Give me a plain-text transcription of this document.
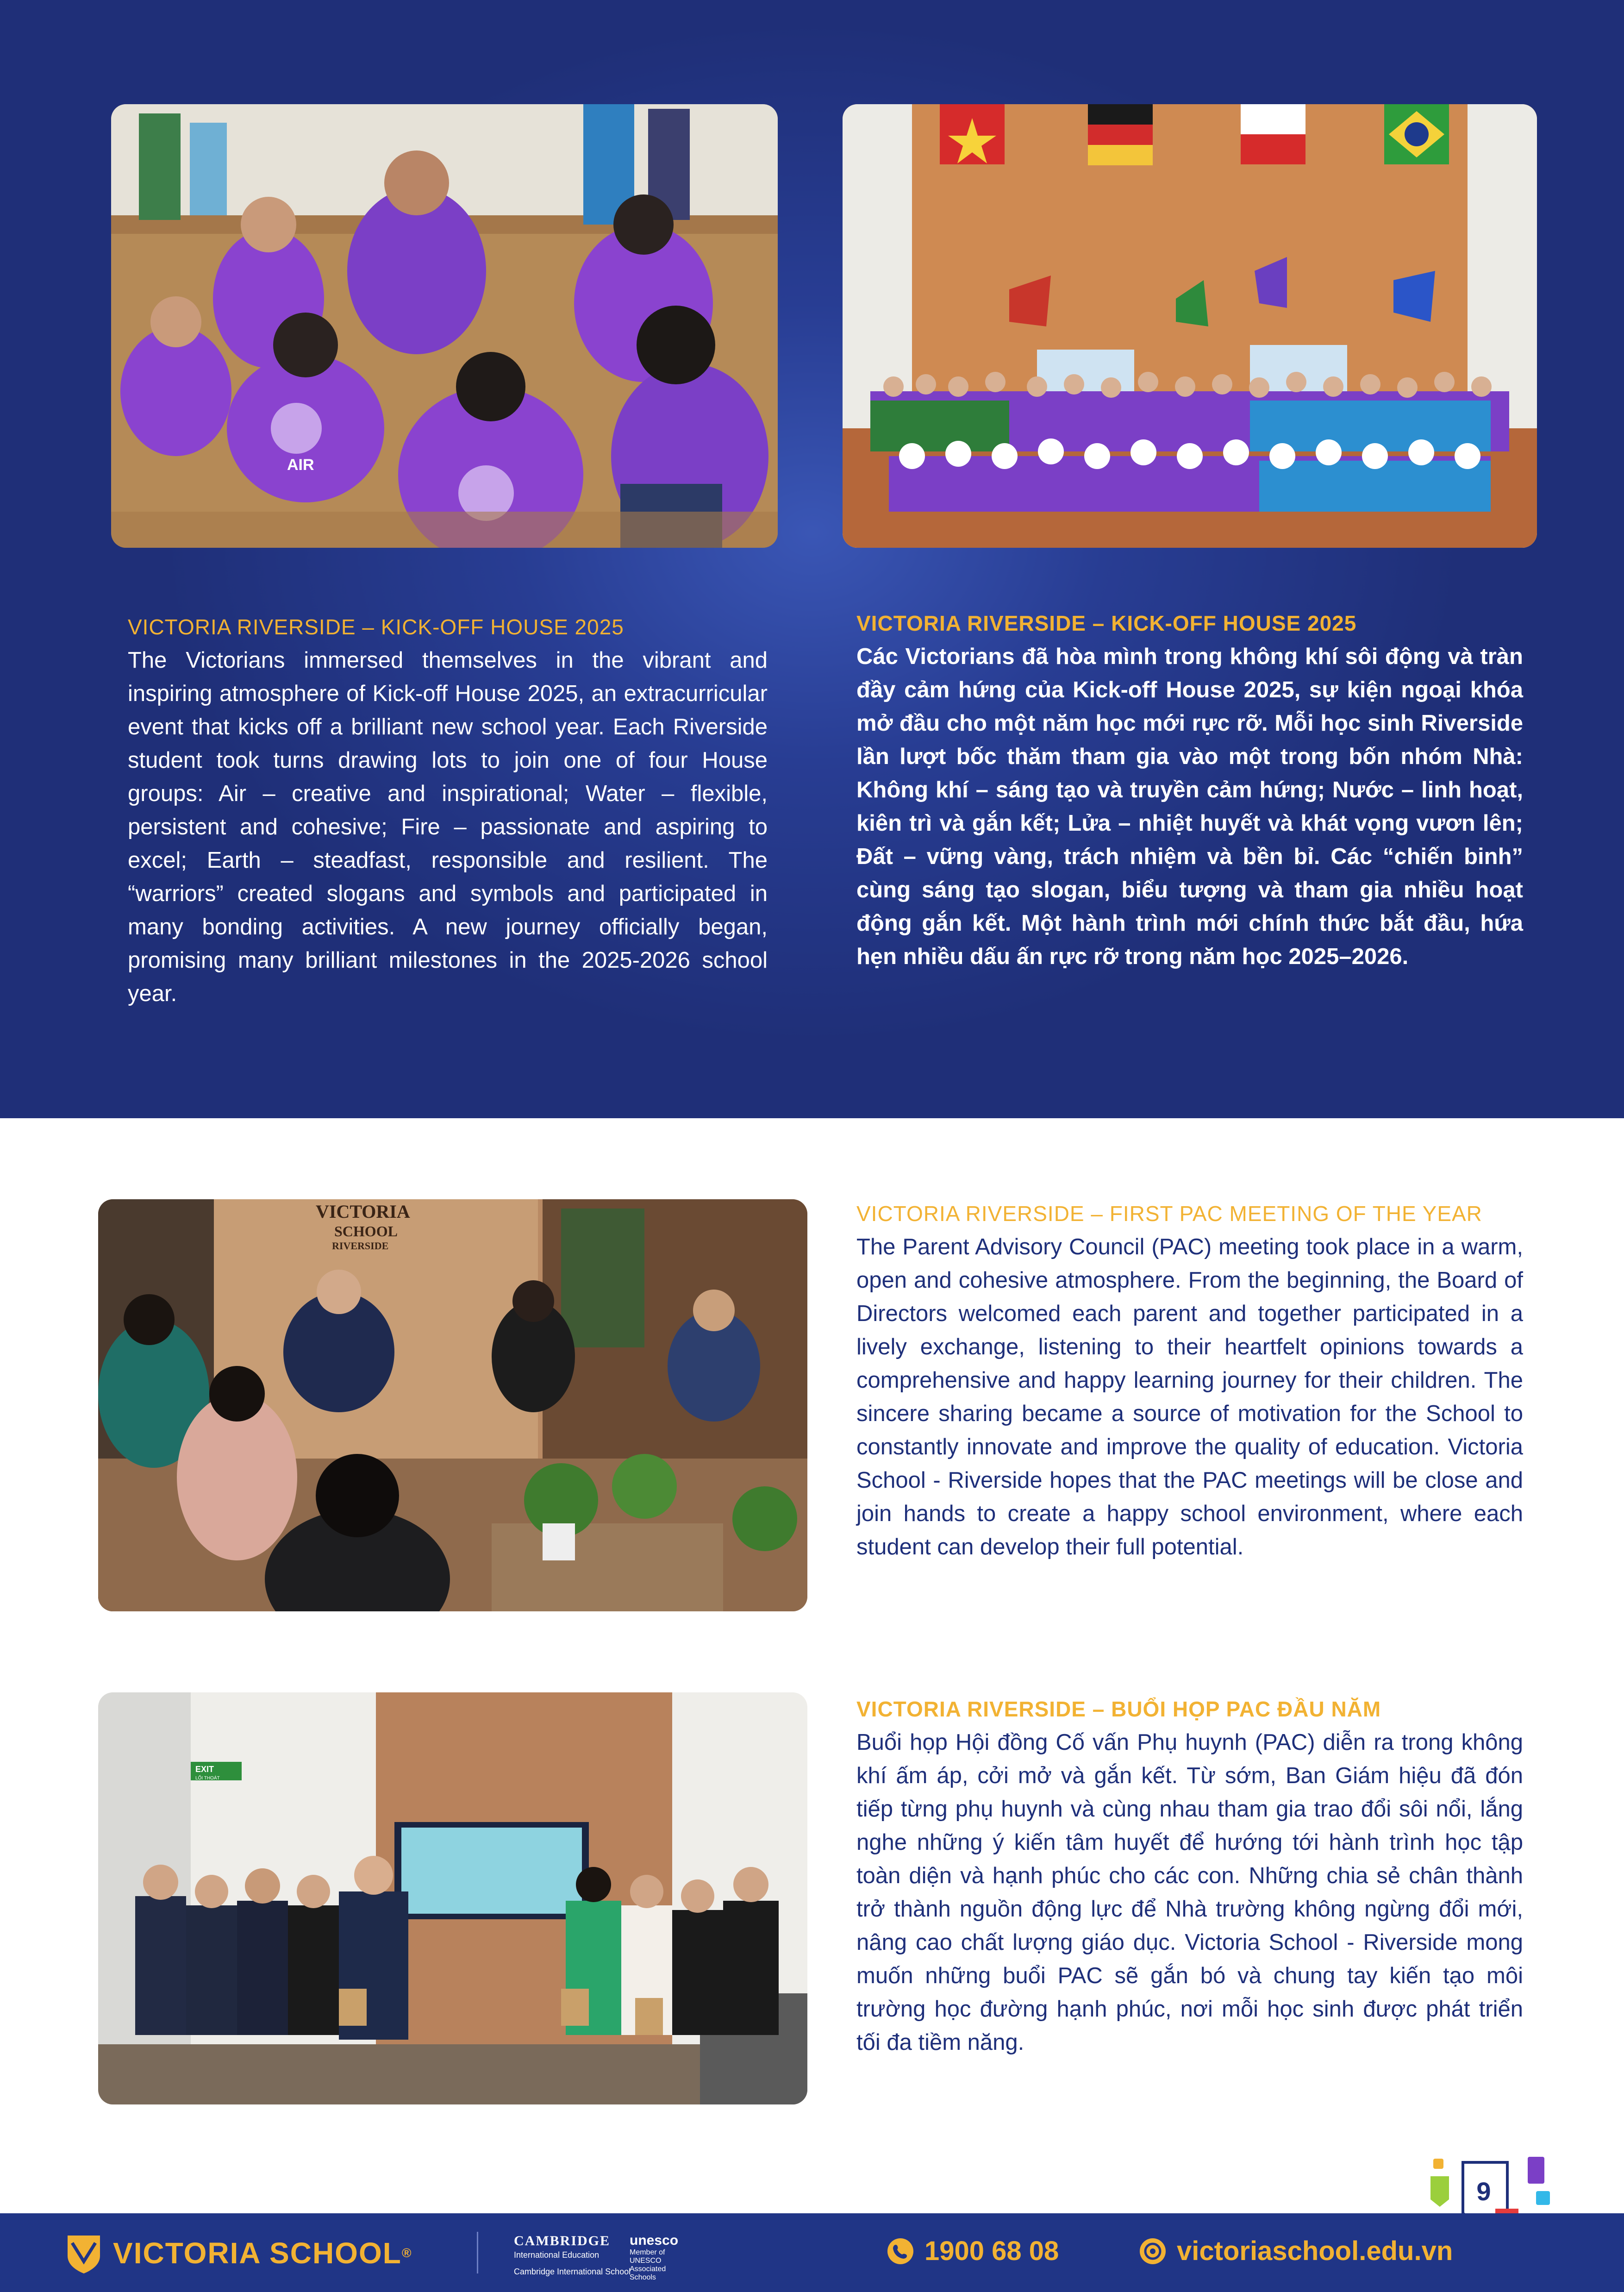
AIR
VICTORIA RIVERSIDE – KICK-OFF HOUSE 2025

The Victorians immersed themselves in the vibrant and inspiring atmosphere of Kick-off House 2025, an extracurricular event that kicks off a brilliant new school year. Each Riverside student took turns drawing lots to join one of four House groups: Air – creative and inspirational; Water – flexible, persistent and cohesive; Fire – passionate and aspiring to excel; Earth – steadfast, responsible and resilient. The “warriors” created slogans and symbols and participated in many bonding activities. A new journey officially began, promising many brilliant milestones in the 2025-2026 school year.

VICTORIA RIVERSIDE – KICK-OFF HOUSE 2025

Các Victorians đã hòa mình trong không khí sôi động và tràn đầy cảm hứng của Kick-off House 2025, sự kiện ngoại khóa mở đầu cho một năm học mới rực rỡ. Mỗi học sinh Riverside lần lượt bốc thăm tham gia vào một trong bốn nhóm Nhà: Không khí – sáng tạo và truyền cảm hứng; Nước – linh hoạt, kiên trì và gắn kết; Lửa – nhiệt huyết và khát vọng vươn lên; Đất – vững vàng, trách nhiệm và bền bỉ. Các “chiến binh” cùng sáng tạo slogan, biểu tượng và tham gia nhiều hoạt động gắn kết. Một hành trình mới chính thức bắt đầu, hứa hẹn nhiều dấu ấn rực rỡ trong năm học 2025–2026.

VICTORIA
SCHOOL
RIVERSIDE
VICTORIA RIVERSIDE – FIRST PAC MEETING OF THE YEAR

The Parent Advisory Council (PAC) meeting took place in a warm, open and cohesive atmosphere. From the beginning, the Board of Directors welcomed each parent and together participated in a lively exchange, listening to their heartfelt opinions towards a comprehensive and happy learning journey for their children. The sincere sharing became a source of motivation for the School to constantly innovate and improve the quality of education. Victoria School - Riverside hopes that the PAC meetings will be close and join hands to create a happy school environment, where each student can develop their full potential.

EXIT
LỐI THOÁT
VICTORIA RIVERSIDE – BUỔI HỌP PAC ĐẦU NĂM

Buổi họp Hội đồng Cố vấn Phụ huynh (PAC) diễn ra trong không khí ấm áp, cởi mở và gắn kết. Từ sớm, Ban Giám hiệu đã đón tiếp từng phụ huynh và cùng nhau tham gia trao đổi sôi nổi, lắng nghe những ý kiến tâm huyết để hướng tới hành trình học tập toàn diện và hạnh phúc cho các con. Những chia sẻ chân thành trở thành nguồn động lực để Nhà trường không ngừng đổi mới, nâng cao chất lượng giáo dục. Victoria School - Riverside mong muốn những buổi PAC sẽ gắn bó và chung tay kiến tạo môi trường học đường hạnh phúc, nơi mỗi học sinh được phát triển tối đa tiềm năng.

9
VICTORIA SCHOOL ®
CAMBRIDGE
International Education
Cambridge International School
unesco
Member of UNESCO Associated Schools
1900 68 08	victoriaschool.edu.vn
